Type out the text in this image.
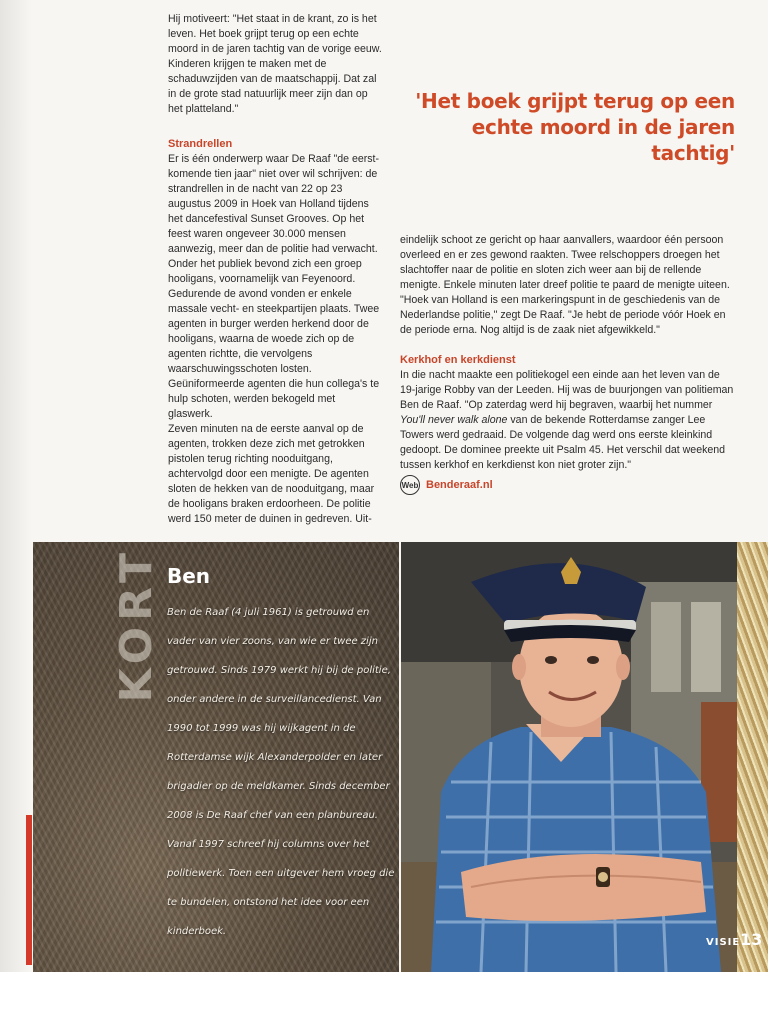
Hij motiveert: "Het staat in de krant, zo is het leven. Het boek grijpt terug op een echte moord in de jaren tachtig van de vorige eeuw. Kinderen krijgen te maken met de schaduwzijden van de maatschappij. Dat zal in de grote stad natuurlijk meer zijn dan op het platteland."

Strandrellen

Er is één onderwerp waar De Raaf "de eerst-komende tien jaar" niet over wil schrijven: de strandrellen in de nacht van 22 op 23 augustus 2009 in Hoek van Holland tijdens het dancefestival Sunset Grooves. Op het feest waren ongeveer 30.000 mensen aanwezig, meer dan de politie had verwacht. Onder het publiek bevond zich een groep hooligans, voornamelijk van Feyenoord. Gedurende de avond vonden er enkele massale vecht- en steekpartijen plaats. Twee agenten in burger werden herkend door de hooligans, waarna de woede zich op de agenten richtte, die vervolgens waarschuwingsschoten losten. Geüniformeerde agenten die hun collega's te hulp schoten, werden bekogeld met glaswerk.

Zeven minuten na de eerste aanval op de agenten, trokken deze zich met getrokken pistolen terug richting nooduitgang, achtervolgd door een menigte. De agenten sloten de hekken van de nooduitgang, maar de hooligans braken erdoorheen. De politie werd 150 meter de duinen in gedreven. Uit-

'Het boek grijpt terug op een echte moord in de jaren tachtig'

eindelijk schoot ze gericht op haar aanvallers, waardoor één persoon overleed en er zes gewond raakten. Twee relschoppers droegen het slachtoffer naar de politie en sloten zich weer aan bij de rellende menigte. Enkele minuten later dreef politie te paard de menigte uiteen. "Hoek van Holland is een markeringspunt in de geschiedenis van de Nederlandse politie," zegt De Raaf. "Je hebt de periode vóór Hoek en de periode erna. Nog altijd is de zaak niet afgewikkeld."

Kerkhof en kerkdienst

In die nacht maakte een politiekogel een einde aan het leven van de 19-jarige Robby van der Leeden. Hij was de buurjongen van politieman Ben de Raaf. "Op zaterdag werd hij begraven, waarbij het nummer You'll never walk alone van de bekende Rotterdamse zanger Lee Towers werd gedraaid. De volgende dag werd ons eerste kleinkind gedoopt. De dominee preekte uit Psalm 45. Het verschil dat weekend tussen kerkhof en kerkdienst kon niet groter zijn."

Web Benderaaf.nl
KORT Ben

Ben de Raaf (4 juli 1961) is getrouwd en vader van vier zoons, van wie er twee zijn getrouwd. Sinds 1979 werkt hij bij de politie, onder andere in de surveillancedienst. Van 1990 tot 1999 was hij wijkagent in de Rotterdamse wijk Alexanderpolder en later brigadier op de meldkamer. Sinds december 2008 is De Raaf chef van een planbureau. Vanaf 1997 schreef hij columns over het politiewerk. Toen een uitgever hem vroeg die te bundelen, ontstond het idee voor een kinderboek.

VISIE 13
